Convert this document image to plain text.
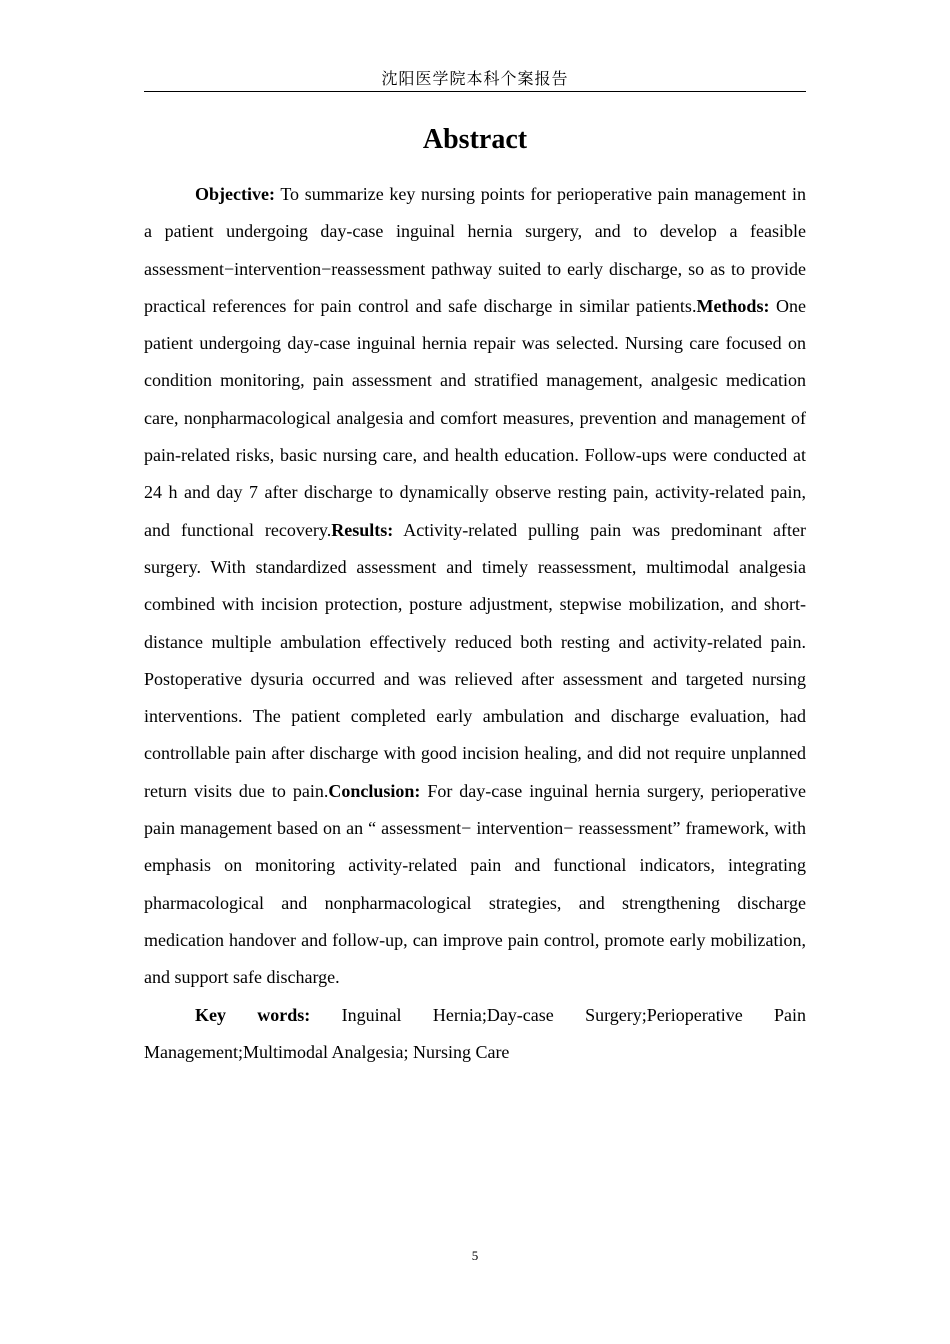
沈阳医学院本科个案报告
Abstract

Objective: To summarize key nursing points for perioperative pain management in a patient undergoing day-case inguinal hernia surgery, and to develop a feasible assessment−intervention−reassessment pathway suited to early discharge, so as to provide practical references for pain control and safe discharge in similar patients.Methods: One patient undergoing day-case inguinal hernia repair was selected. Nursing care focused on condition monitoring, pain assessment and stratified management, analgesic medication care, nonpharmacological analgesia and comfort measures, prevention and management of pain-related risks, basic nursing care, and health education. Follow-ups were conducted at 24 h and day 7 after discharge to dynamically observe resting pain, activity-related pain, and functional recovery.Results: Activity-related pulling pain was predominant after surgery. With standardized assessment and timely reassessment, multimodal analgesia combined with incision protection, posture adjustment, stepwise mobilization, and short-distance multiple ambulation effectively reduced both resting and activity-related pain. Postoperative dysuria occurred and was relieved after assessment and targeted nursing interventions. The patient completed early ambulation and discharge evaluation, had controllable pain after discharge with good incision healing, and did not require unplanned return visits due to pain.Conclusion: For day-case inguinal hernia surgery, perioperative pain management based on an “ assessment− intervention− reassessment” framework, with emphasis on monitoring activity-related pain and functional indicators, integrating pharmacological and nonpharmacological strategies, and strengthening discharge medication handover and follow-up, can improve pain control, promote early mobilization, and support safe discharge.

Key words: Inguinal Hernia;Day-case Surgery;Perioperative Pain Management;Multimodal Analgesia; Nursing Care

5
